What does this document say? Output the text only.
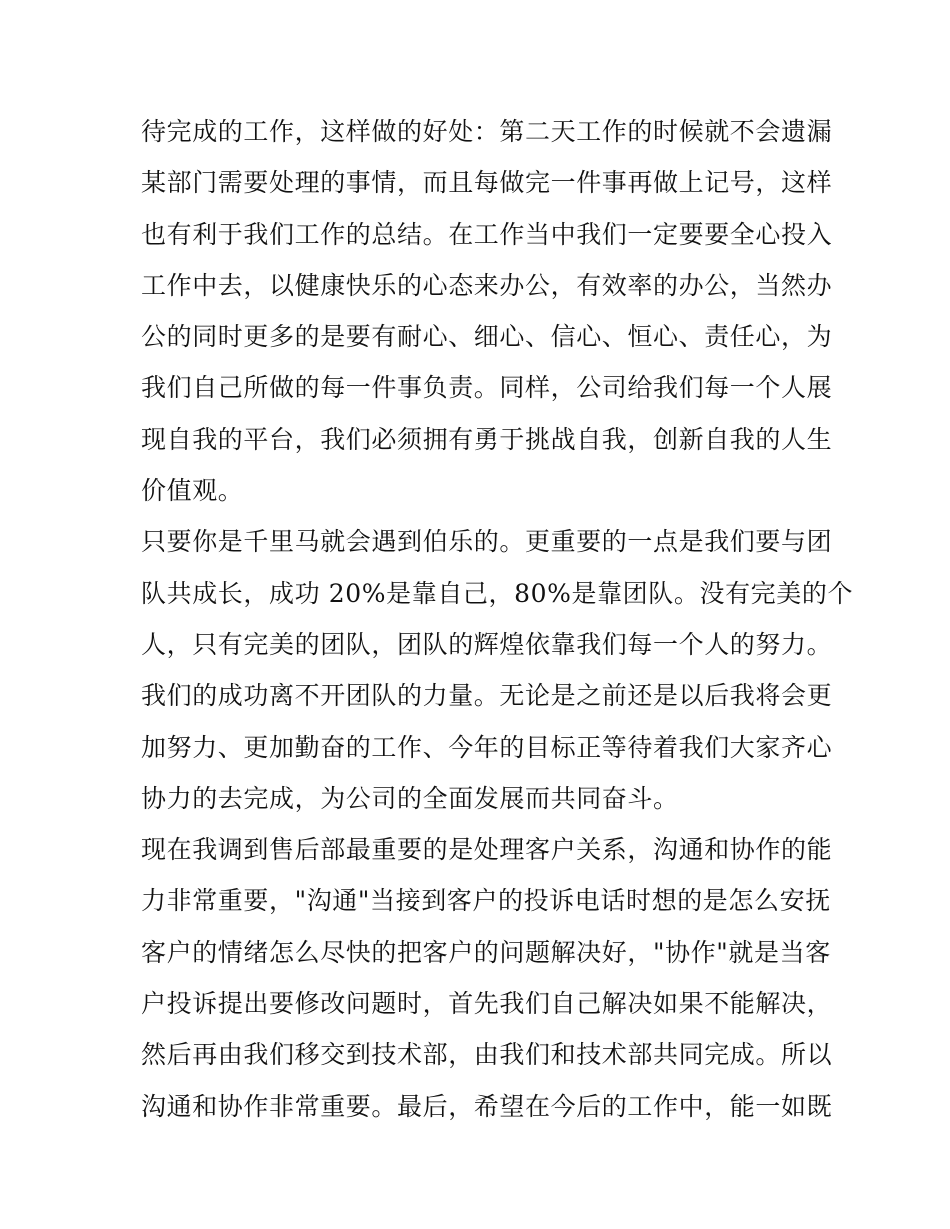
待完成的工作，这样做的好处：第二天工作的时候就不会遗漏
某部门需要处理的事情，而且每做完一件事再做上记号，这样
也有利于我们工作的总结。在工作当中我们一定要要全心投入
工作中去，以健康快乐的心态来办公，有效率的办公，当然办
公的同时更多的是要有耐心、细心、信心、恒心、责任心，为
我们自己所做的每一件事负责。同样，公司给我们每一个人展
现自我的平台，我们必须拥有勇于挑战自我，创新自我的人生
价值观。
只要你是千里马就会遇到伯乐的。更重要的一点是我们要与团
队共成长，成功 20%是靠自己，80%是靠团队。没有完美的个
人，只有完美的团队，团队的辉煌依靠我们每一个人的努力。
我们的成功离不开团队的力量。无论是之前还是以后我将会更
加努力、更加勤奋的工作、今年的目标正等待着我们大家齐心
协力的去完成，为公司的全面发展而共同奋斗。
现在我调到售后部最重要的是处理客户关系，沟通和协作的能
力非常重要，"沟通"当接到客户的投诉电话时想的是怎么安抚
客户的情绪怎么尽快的把客户的问题解决好，"协作"就是当客
户投诉提出要修改问题时，首先我们自己解决如果不能解决，
然后再由我们移交到技术部，由我们和技术部共同完成。所以
沟通和协作非常重要。最后，希望在今后的工作中，能一如既
